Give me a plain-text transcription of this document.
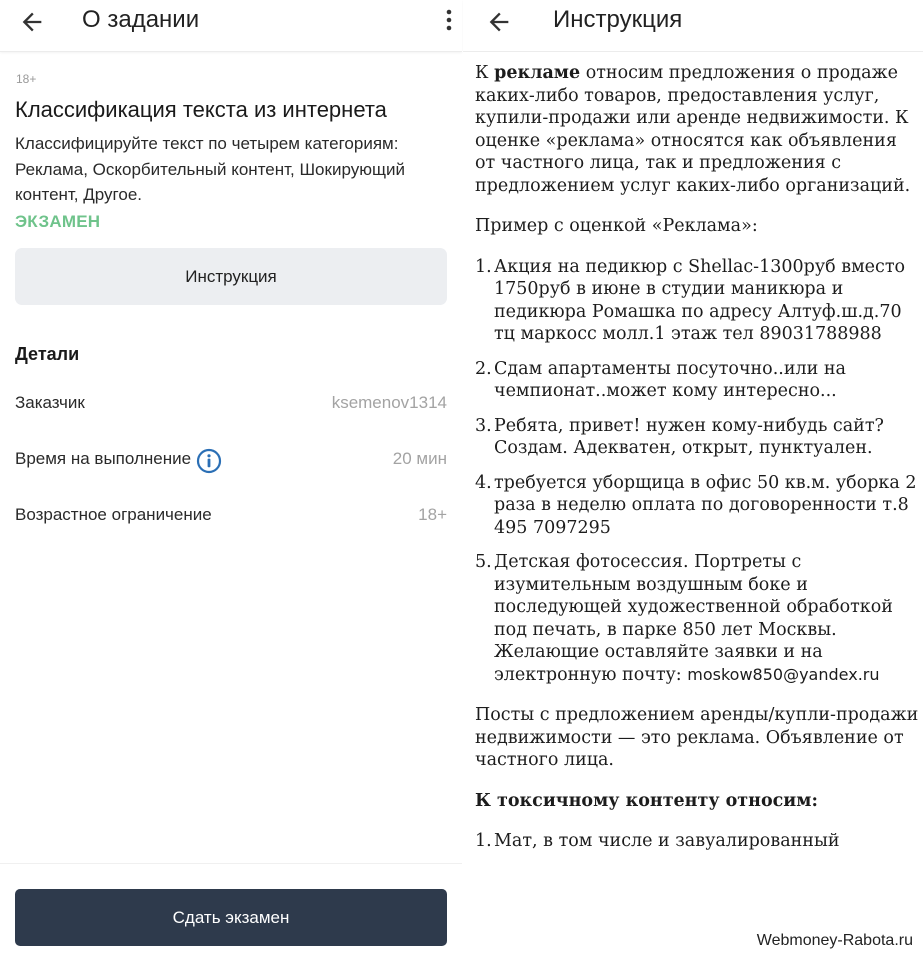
О задании
18+
Классификация текста из интернета
Классифицируйте текст по четырем категориям: Реклама, Оскорбительный контент, Шокирующий контент, Другое.
ЭКЗАМЕН
Инструкция
Детали
Заказчик	ksemenov1314
Время на выполнение	20 мин
Возрастное ограничение	18+
Сдать экзамен
Инструкция

К рекламе относим предложения о продаже каких-либо товаров, предоставления услуг, купили-продажи или аренде недвижимости. К оценке «реклама» относятся как объявления от частного лица, так и предложения с предложением услуг каких-либо организаций.

Пример с оценкой «Реклама»:

1. Акция на педикюр с Shellac-1300руб вместо 1750руб в июне в студии маникюра и педикюра Ромашка по адресу Алтуф.ш.д.70 тц маркосс молл.1 этаж тел 89031788988
2. Сдам апартаменты посуточно..или на чемпионат..может кому интересно...
3. Ребята, привет! нужен кому-нибудь сайт? Создам. Адекватен, открыт, пунктуален.
4. требуется уборщица в офис 50 кв.м. уборка 2 раза в неделю оплата по договоренности т.8 495 7097295
5. Детская фотосессия. Портреты с изумительным воздушным боке и последующей художественной обработкой под печать, в парке 850 лет Москвы. Желающие оставляйте заявки и на электронную почту: moskow850@yandex.ru

Посты с предложением аренды/купли-продажи недвижимости — это реклама. Объявление от частного лица.

К токсичному контенту относим:

1. Мат, в том числе и завуалированный
Webmoney-Rabota.ru
